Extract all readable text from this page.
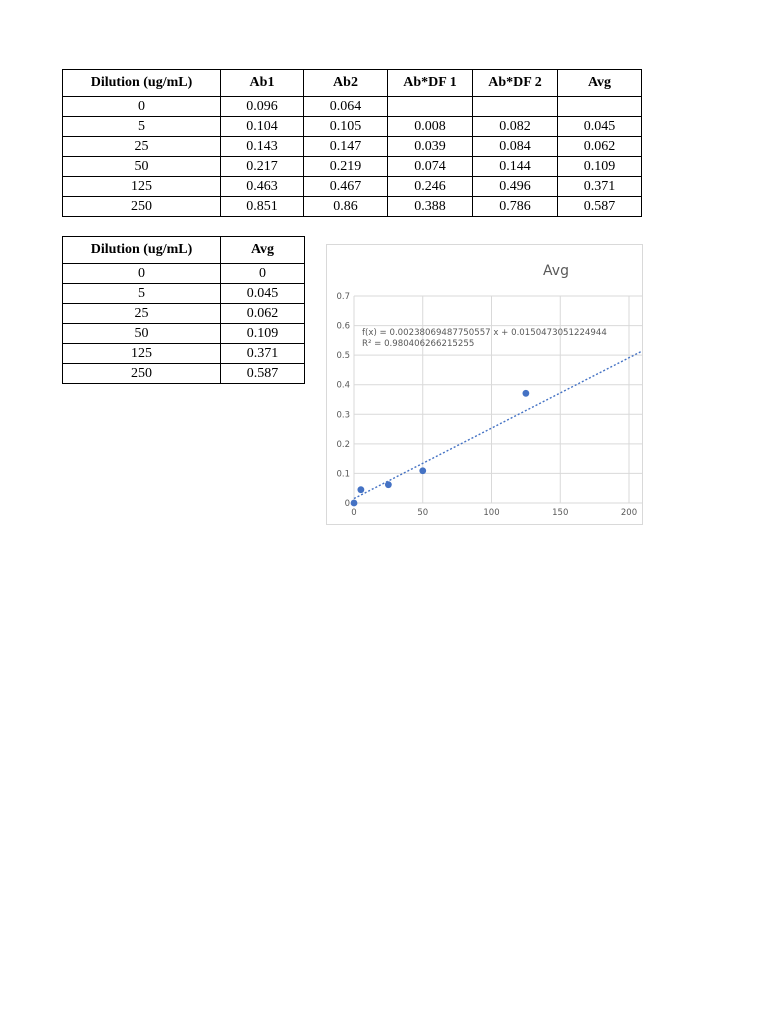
Dilution (ug/mL)	Ab1	Ab2	Ab*DF 1	Ab*DF 2	Avg
0	0.096	0.064			
5	0.104	0.105	0.008	0.082	0.045
25	0.143	0.147	0.039	0.084	0.062
50	0.217	0.219	0.074	0.144	0.109
125	0.463	0.467	0.246	0.496	0.371
250	0.851	0.86	0.388	0.786	0.587
Dilution (ug/mL)	Avg
0	0
5	0.045
25	0.062
50	0.109
125	0.371
250	0.587
Avg
0
0.1
0.2
0.3
0.4
0.5
0.6
0.7
0	50	100	150	200
f(x) = 0.00238069487750557 x + 0.0150473051224944
R² = 0.980406266215255
